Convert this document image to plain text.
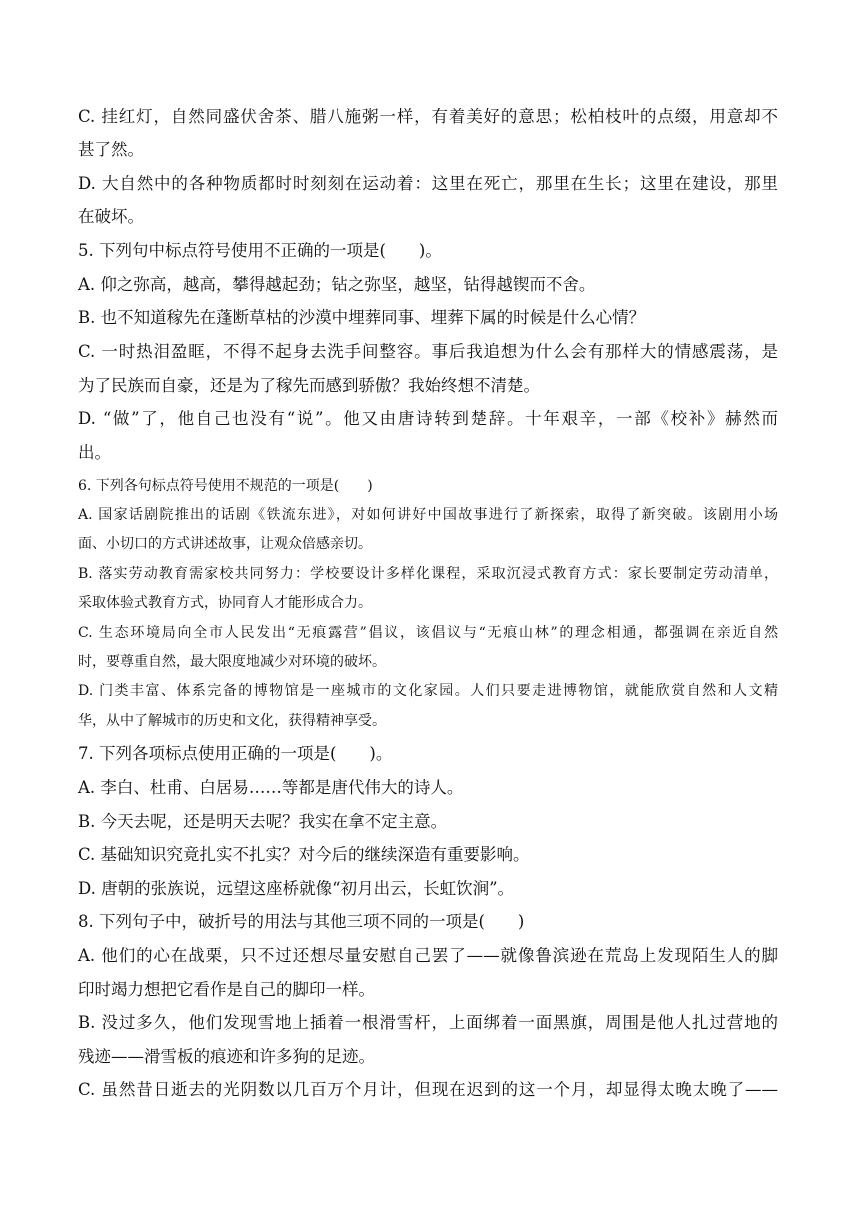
C. 挂红灯，自然同盛伏舍茶、腊八施粥一样，有着美好的意思；松柏枝叶的点缀，用意却不
甚了然。
D. 大自然中的各种物质都时时刻刻在运动着：这里在死亡，那里在生长；这里在建设，那里
在破坏。
5. 下列句中标点符号使用不正确的一项是(　　)。
A. 仰之弥高，越高，攀得越起劲；钻之弥坚，越坚，钻得越锲而不舍。
B. 也不知道稼先在蓬断草枯的沙漠中埋葬同事、埋葬下属的时候是什么心情？
C. 一时热泪盈眶，不得不起身去洗手间整容。事后我追想为什么会有那样大的情感震荡，是
为了民族而自豪，还是为了稼先而感到骄傲？我始终想不清楚。
D. “做”了，他自己也没有“说”。他又由唐诗转到楚辞。十年艰辛，一部《校补》赫然而
出。
6. 下列各句标点符号使用不规范的一项是(　　)
A. 国家话剧院推出的话剧《铁流东进》，对如何讲好中国故事进行了新探索，取得了新突破。该剧用小场
面、小切口的方式讲述故事，让观众倍感亲切。
B. 落实劳动教育需家校共同努力：学校要设计多样化课程，采取沉浸式教育方式：家长要制定劳动清单，
采取体验式教育方式，协同育人才能形成合力。
C. 生态环境局向全市人民发出“无痕露营”倡议，该倡议与“无痕山林”的理念相通，都强调在亲近自然
时，要尊重自然，最大限度地减少对环境的破坏。
D. 门类丰富、体系完备的博物馆是一座城市的文化家园。人们只要走进博物馆，就能欣赏自然和人文精
华，从中了解城市的历史和文化，获得精神享受。
7. 下列各项标点使用正确的一项是(　　)。
A. 李白、杜甫、白居易……等都是唐代伟大的诗人。
B. 今天去呢，还是明天去呢？我实在拿不定主意。
C. 基础知识究竟扎实不扎实？对今后的继续深造有重要影响。
D. 唐朝的张族说，远望这座桥就像“初月出云，长虹饮涧”。
8. 下列句子中，破折号的用法与其他三项不同的一项是(　　)
A. 他们的心在战栗，只不过还想尽量安慰自己罢了——就像鲁滨逊在荒岛上发现陌生人的脚
印时竭力想把它看作是自己的脚印一样。
B. 没过多久，他们发现雪地上插着一根滑雪杆，上面绑着一面黑旗，周围是他人扎过营地的
残迹——滑雪板的痕迹和许多狗的足迹。
C. 虽然昔日逝去的光阴数以几百万个月计，但现在迟到的这一个月，却显得太晚太晚了——
